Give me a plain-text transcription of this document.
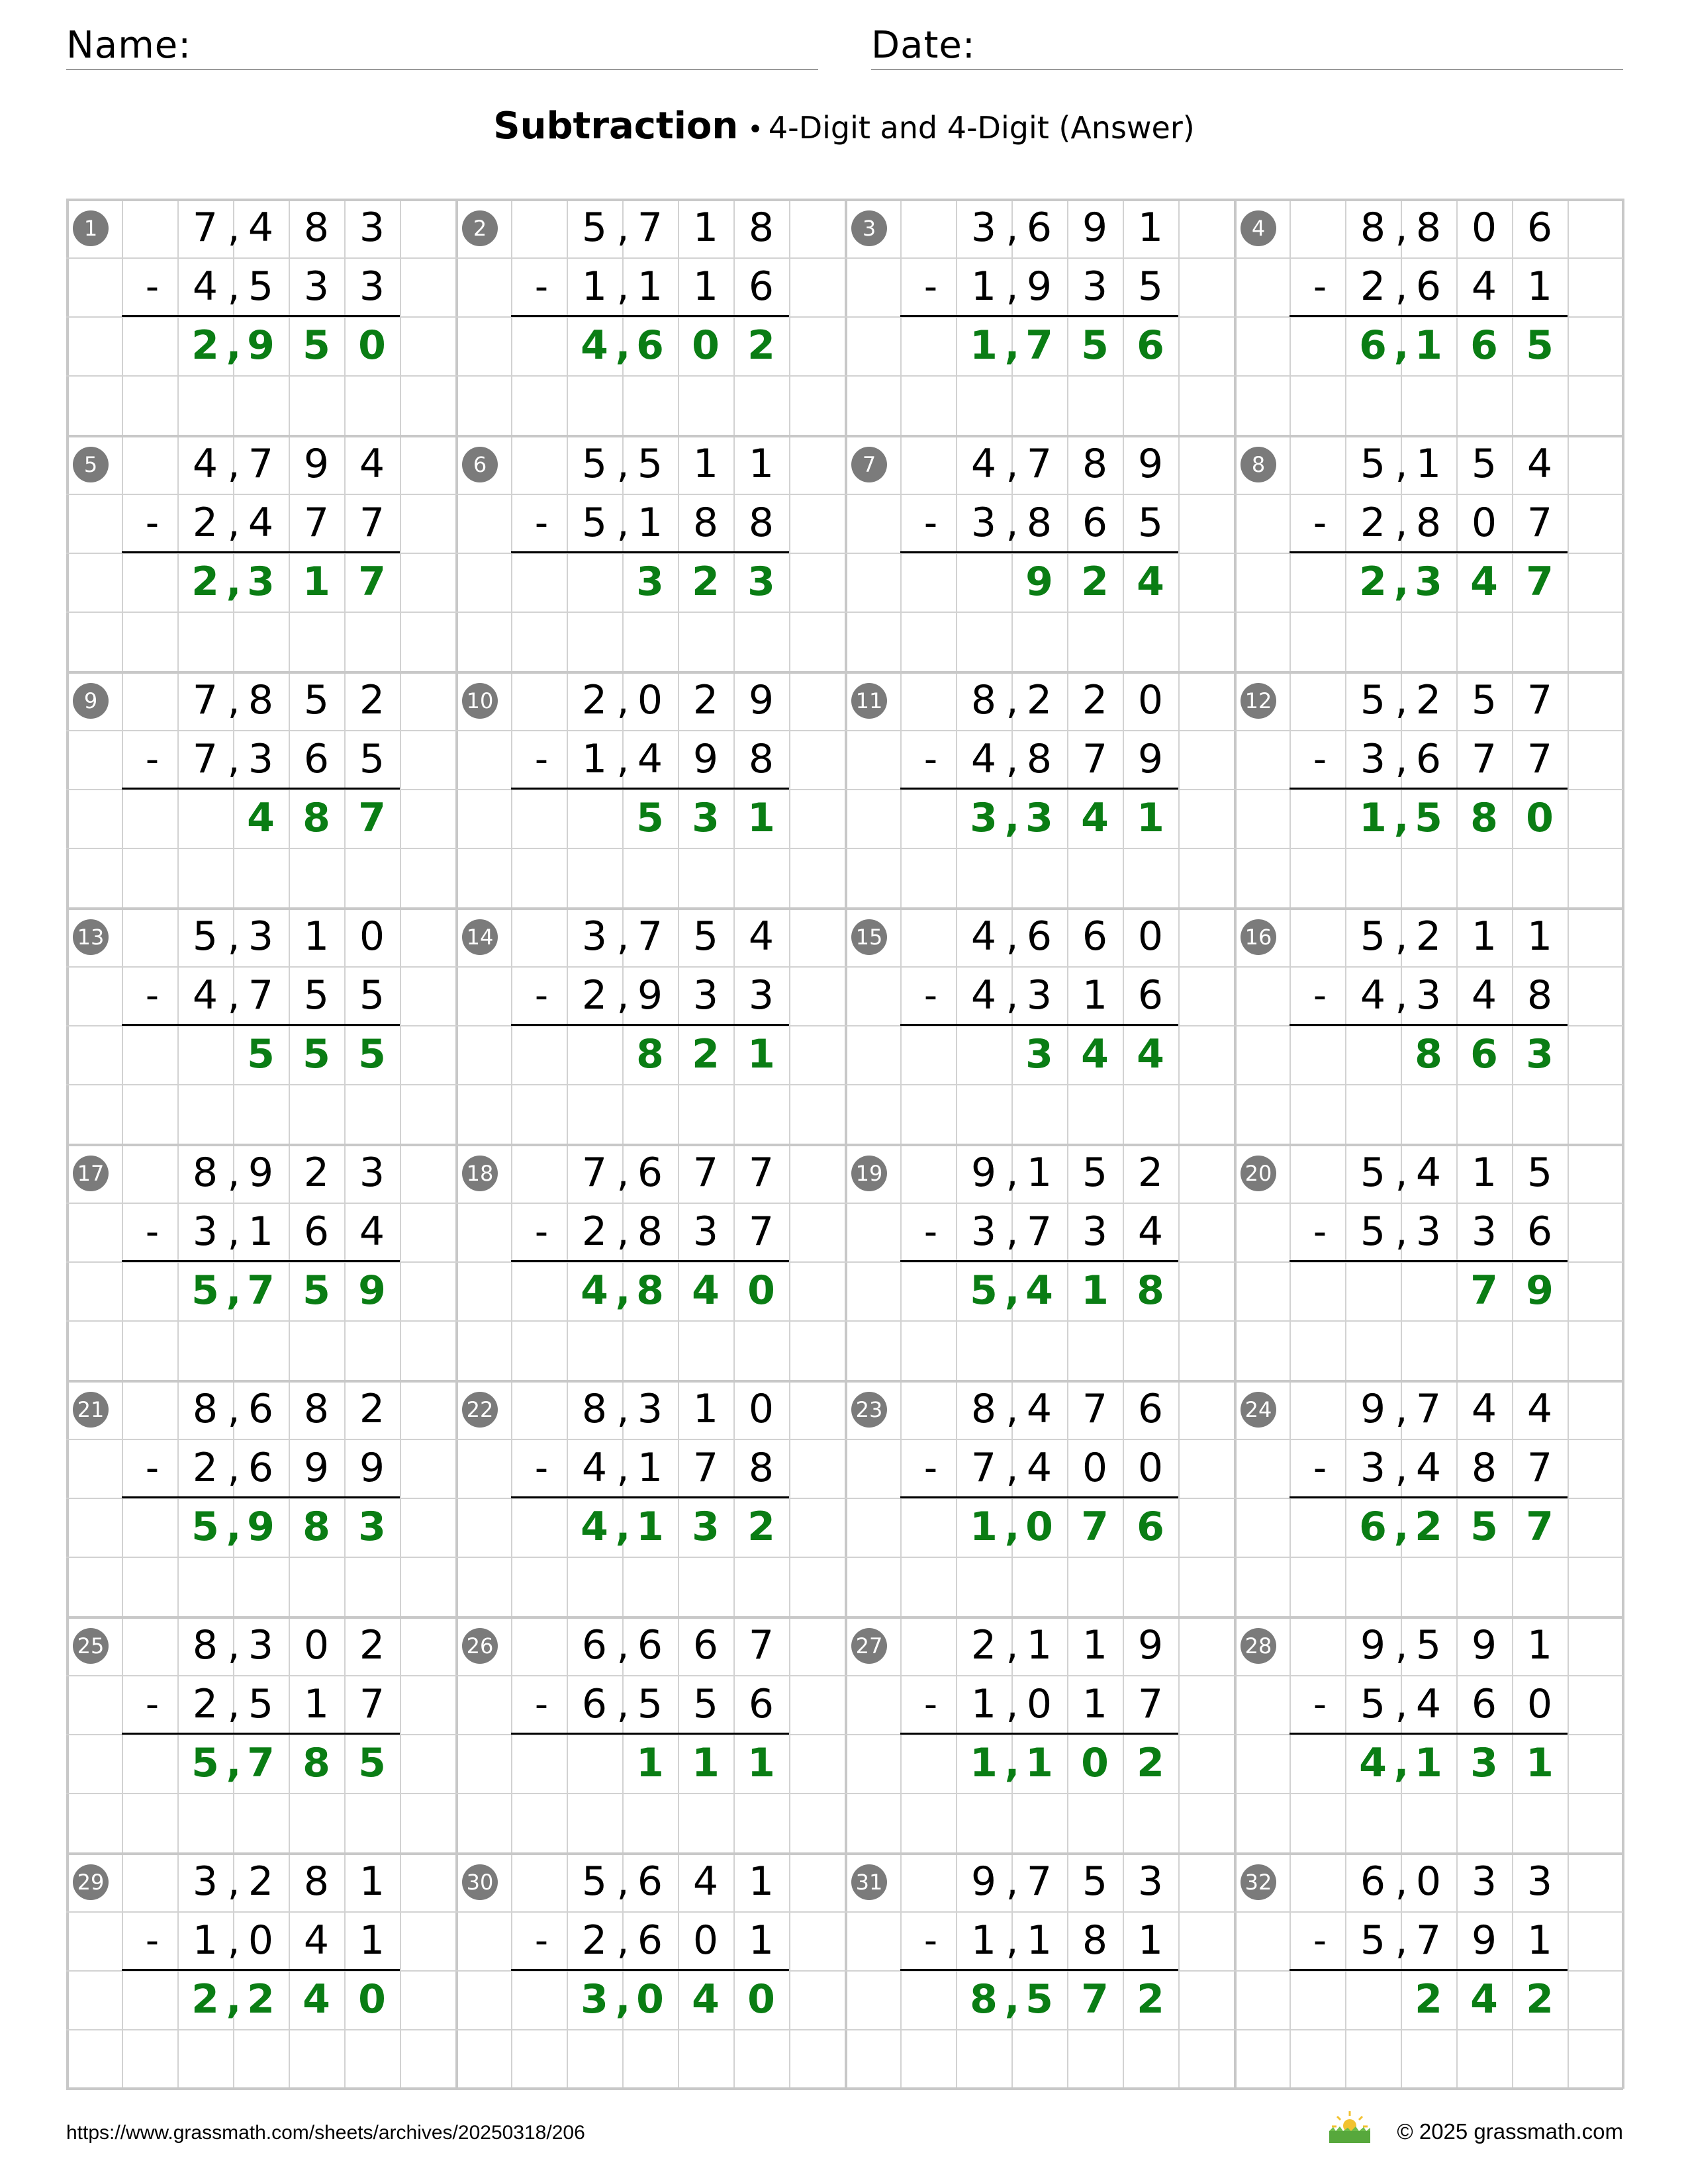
Name:	Date:
Subtraction • 4-Digit and 4-Digit (Answer)
1	7 , 4 8 3
- 4 , 5 3 3
2 , 9 5 0
2	5 , 7 1 8
- 1 , 1 1 6
4 , 6 0 2
3	3 , 6 9 1
- 1 , 9 3 5
1 , 7 5 6
4	8 , 8 0 6
- 2 , 6 4 1
6 , 1 6 5
5	4 , 7 9 4
- 2 , 4 7 7
2 , 3 1 7
6	5 , 5 1 1
- 5 , 1 8 8
3 2 3
7	4 , 7 8 9
- 3 , 8 6 5
9 2 4
8	5 , 1 5 4
- 2 , 8 0 7
2 , 3 4 7
9	7 , 8 5 2
- 7 , 3 6 5
4 8 7
10	2 , 0 2 9
- 1 , 4 9 8
5 3 1
11	8 , 2 2 0
- 4 , 8 7 9
3 , 3 4 1
12	5 , 2 5 7
- 3 , 6 7 7
1 , 5 8 0
13	5 , 3 1 0
- 4 , 7 5 5
5 5 5
14	3 , 7 5 4
- 2 , 9 3 3
8 2 1
15	4 , 6 6 0
- 4 , 3 1 6
3 4 4
16	5 , 2 1 1
- 4 , 3 4 8
8 6 3
17	8 , 9 2 3
- 3 , 1 6 4
5 , 7 5 9
18	7 , 6 7 7
- 2 , 8 3 7
4 , 8 4 0
19	9 , 1 5 2
- 3 , 7 3 4
5 , 4 1 8
20	5 , 4 1 5
- 5 , 3 3 6
7 9
21	8 , 6 8 2
- 2 , 6 9 9
5 , 9 8 3
22	8 , 3 1 0
- 4 , 1 7 8
4 , 1 3 2
23	8 , 4 7 6
- 7 , 4 0 0
1 , 0 7 6
24	9 , 7 4 4
- 3 , 4 8 7
6 , 2 5 7
25	8 , 3 0 2
- 2 , 5 1 7
5 , 7 8 5
26	6 , 6 6 7
- 6 , 5 5 6
1 1 1
27	2 , 1 1 9
- 1 , 0 1 7
1 , 1 0 2
28	9 , 5 9 1
- 5 , 4 6 0
4 , 1 3 1
29	3 , 2 8 1
- 1 , 0 4 1
2 , 2 4 0
30	5 , 6 4 1
- 2 , 6 0 1
3 , 0 4 0
31	9 , 7 5 3
- 1 , 1 8 1
8 , 5 7 2
32	6 , 0 3 3
- 5 , 7 9 1
2 4 2
https://www.grassmath.com/sheets/archives/20250318/206	© 2025 grassmath.com
